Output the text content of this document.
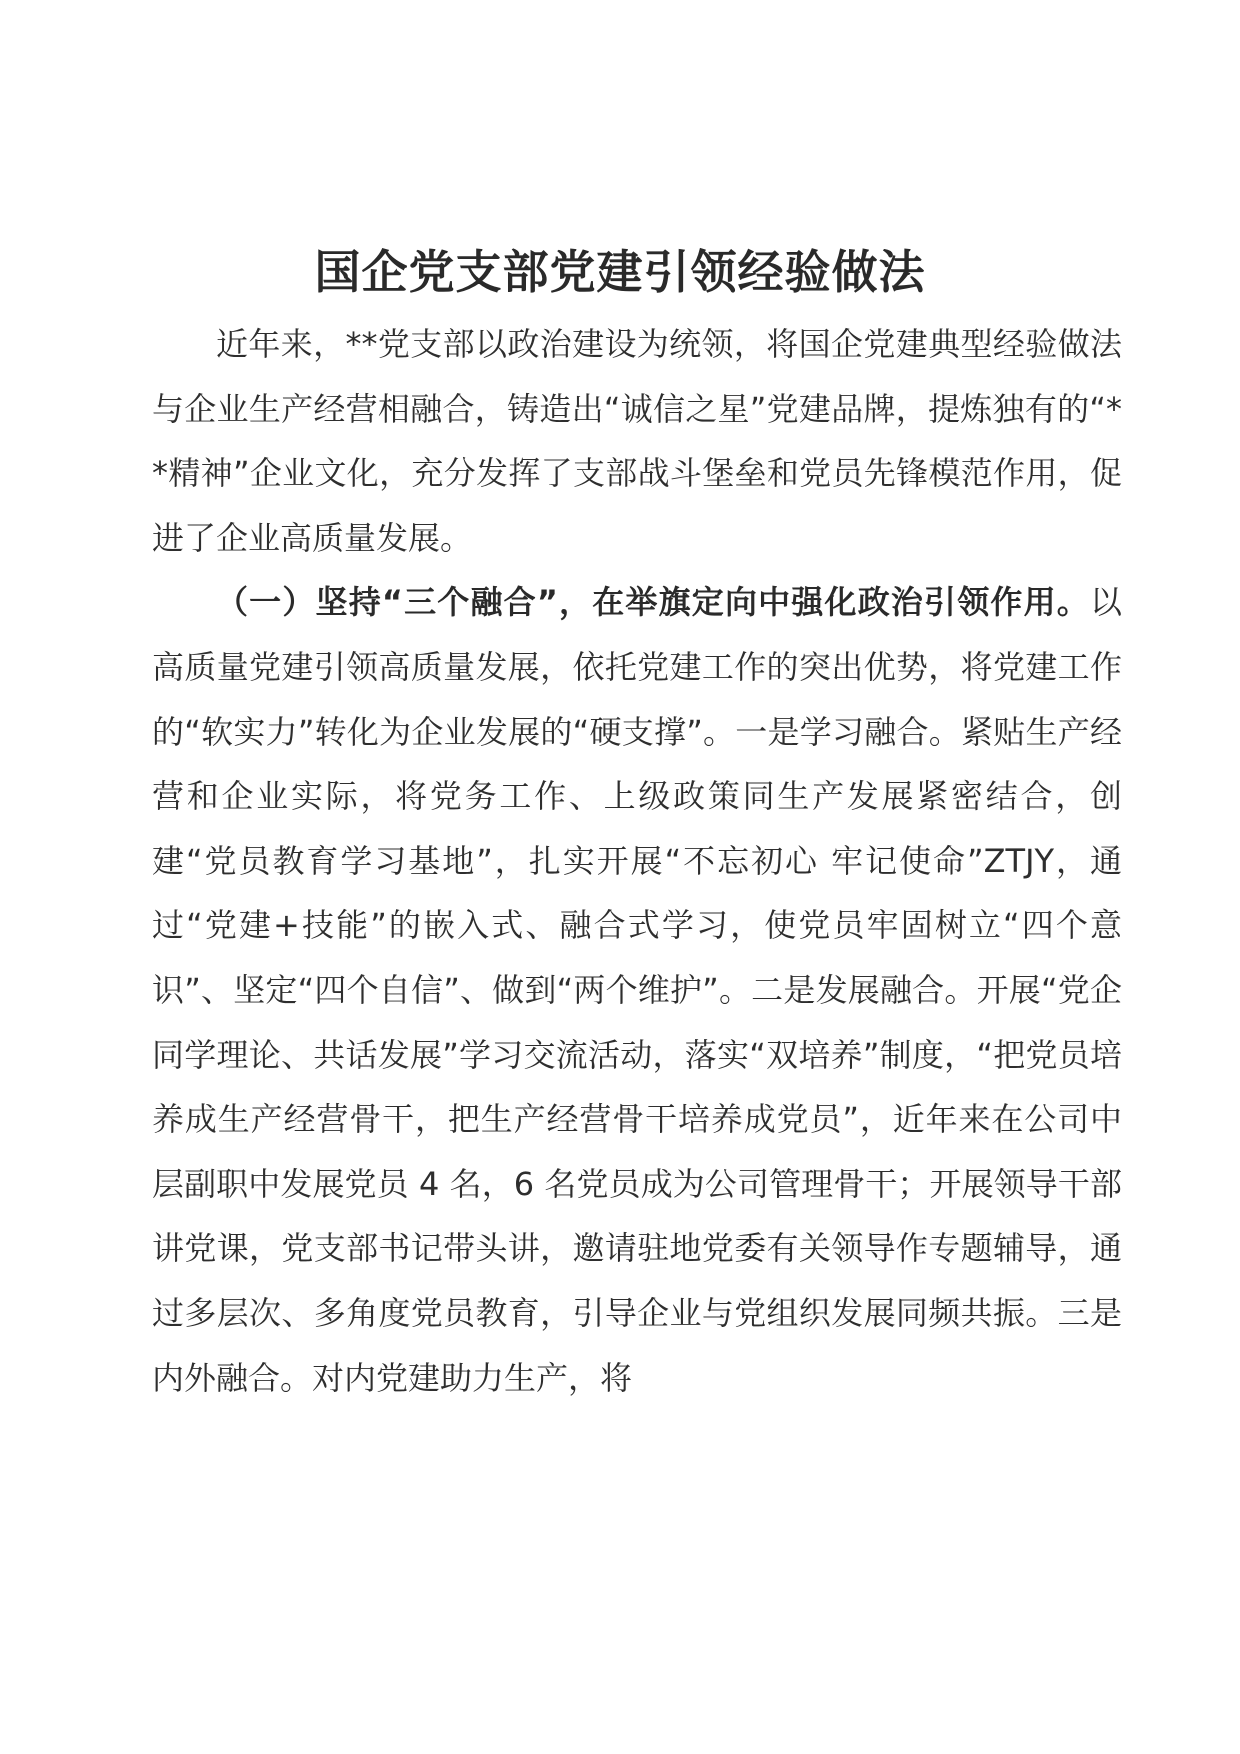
国企党支部党建引领经验做法

近年来，**党支部以政治建设为统领，将国企党建典型经验做法与企业生产经营相融合，铸造出“诚信之星”党建品牌，提炼独有的“**精神”企业文化，充分发挥了支部战斗堡垒和党员先锋模范作用，促进了企业高质量发展。

（一）坚持“三个融合”，在举旗定向中强化政治引领作用。以高质量党建引领高质量发展，依托党建工作的突出优势，将党建工作的“软实力”转化为企业发展的“硬支撑”。一是学习融合。紧贴生产经营和企业实际，将党务工作、上级政策同生产发展紧密结合，创建“党员教育学习基地”，扎实开展“不忘初心 牢记使命”ZTJY，通过“党建+技能”的嵌入式、融合式学习，使党员牢固树立“四个意识”、坚定“四个自信”、做到“两个维护”。二是发展融合。开展“党企同学理论、共话发展”学习交流活动，落实“双培养”制度，“把党员培养成生产经营骨干，把生产经营骨干培养成党员”，近年来在公司中层副职中发展党员 4 名，6 名党员成为公司管理骨干；开展领导干部讲党课，党支部书记带头讲，邀请驻地党委有关领导作专题辅导，通过多层次、多角度党员教育，引导企业与党组织发展同频共振。三是内外融合。对内党建助力生产，将
